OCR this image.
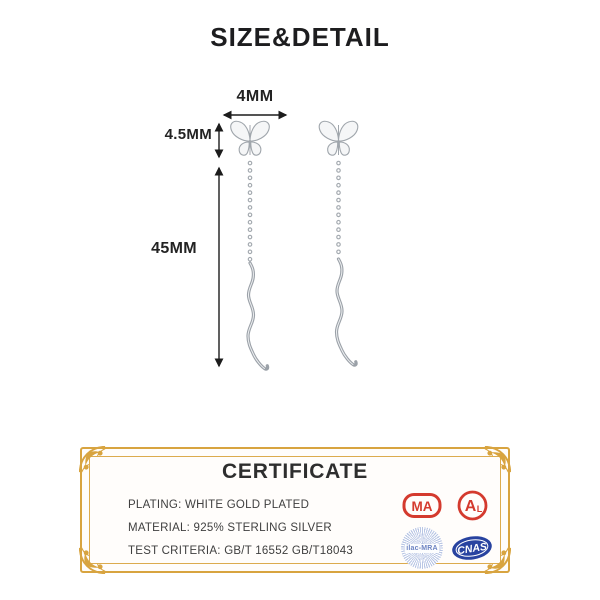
SIZE&DETAIL
4MM
4.5MM
45MM
CERTIFICATE
PLATING: WHITE GOLD PLATED
MATERIAL: 925% STERLING SILVER
TEST CRITERIA: GB/T 16552 GB/T18043
MA A L
ilac-MRA CNAS
